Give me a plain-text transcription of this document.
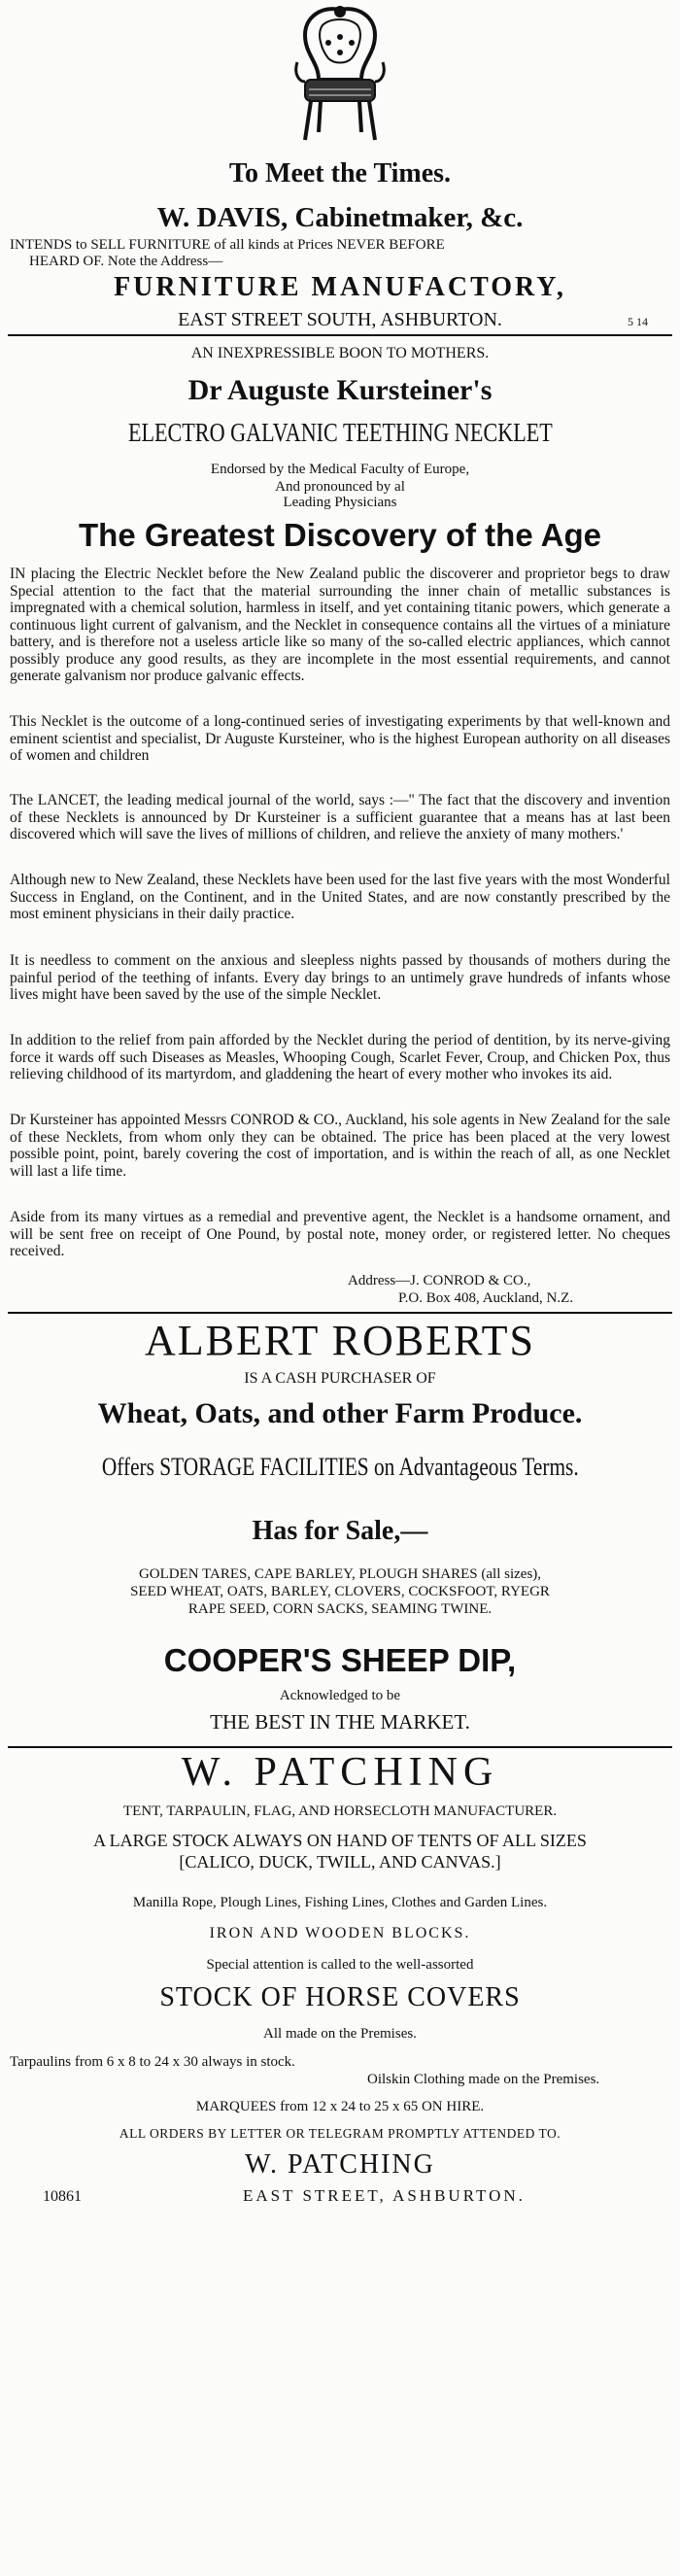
To Meet the Times.
W. DAVIS, Cabinetmaker, &c.
INTENDS to SELL FURNITURE of all kinds at Prices NEVER BEFORE
HEARD OF. Note the Address—
FURNITURE MANUFACTORY,
EAST STREET SOUTH, ASHBURTON.	5 14
AN INEXPRESSIBLE BOON TO MOTHERS.
Dr Auguste Kursteiner's
ELECTRO GALVANIC TEETHING NECKLET
Endorsed by the Medical Faculty of Europe,
And pronounced by al
Leading Physicians
The Greatest Discovery of the Age
IN placing the Electric Necklet before the New Zealand public the discoverer and proprietor begs to draw Special attention to the fact that the material surrounding the inner chain of metallic substances is impregnated with a chemical solution, harmless in itself, and yet containing titanic powers, which generate a continuous light current of galvanism, and the Necklet in consequence contains all the virtues of a miniature battery, and is therefore not a useless article like so many of the so-called electric appliances, which cannot possibly produce any good results, as they are incomplete in the most essential requirements, and cannot generate galvanism nor produce galvanic effects.
This Necklet is the outcome of a long-continued series of investigating experiments by that well-known and eminent scientist and specialist, Dr Auguste Kursteiner, who is the highest European authority on all diseases of women and children
The LANCET, the leading medical journal of the world, says :—" The fact that the discovery and invention of these Necklets is announced by Dr Kursteiner is a sufficient guarantee that a means has at last been discovered which will save the lives of millions of children, and relieve the anxiety of many mothers.'
Although new to New Zealand, these Necklets have been used for the last five years with the most Wonderful Success in England, on the Continent, and in the United States, and are now constantly prescribed by the most eminent physicians in their daily practice.
It is needless to comment on the anxious and sleepless nights passed by thousands of mothers during the painful period of the teething of infants. Every day brings to an untimely grave hundreds of infants whose lives might have been saved by the use of the simple Necklet.
In addition to the relief from pain afforded by the Necklet during the period of dentition, by its nerve-giving force it wards off such Diseases as Measles, Whooping Cough, Scarlet Fever, Croup, and Chicken Pox, thus relieving childhood of its martyrdom, and gladdening the heart of every mother who invokes its aid.
Dr Kursteiner has appointed Messrs CONROD & CO., Auckland, his sole agents in New Zealand for the sale of these Necklets, from whom only they can be obtained. The price has been placed at the very lowest possible point, point, barely covering the cost of importation, and is within the reach of all, as one Necklet will last a life time.
Aside from its many virtues as a remedial and preventive agent, the Necklet is a handsome ornament, and will be sent free on receipt of One Pound, by postal note, money order, or registered letter. No cheques received.
Address—J. CONROD & CO.,
P.O. Box 408, Auckland, N.Z.
ALBERT ROBERTS
IS A CASH PURCHASER OF
Wheat, Oats, and other Farm Produce.
Offers STORAGE FACILITIES on Advantageous Terms.
Has for Sale,—
GOLDEN TARES, CAPE BARLEY, PLOUGH SHARES (all sizes),
SEED WHEAT, OATS, BARLEY, CLOVERS, COCKSFOOT, RYEGR
RAPE SEED, CORN SACKS, SEAMING TWINE.
COOPER'S SHEEP DIP,
Acknowledged to be
THE BEST IN THE MARKET.
W. PATCHING
TENT, TARPAULIN, FLAG, AND HORSECLOTH MANUFACTURER.
A LARGE STOCK ALWAYS ON HAND OF TENTS OF ALL SIZES
[CALICO, DUCK, TWILL, AND CANVAS.]
Manilla Rope, Plough Lines, Fishing Lines, Clothes and Garden Lines.
IRON AND WOODEN BLOCKS.
Special attention is called to the well-assorted
STOCK OF HORSE COVERS
All made on the Premises.
Tarpaulins from 6 x 8 to 24 x 30 always in stock.
Oilskin Clothing made on the Premises.
MARQUEES from 12 x 24 to 25 x 65 ON HIRE.
ALL ORDERS BY LETTER OR TELEGRAM PROMPTLY ATTENDED TO.
W. PATCHING
10861	EAST STREET, ASHBURTON.
